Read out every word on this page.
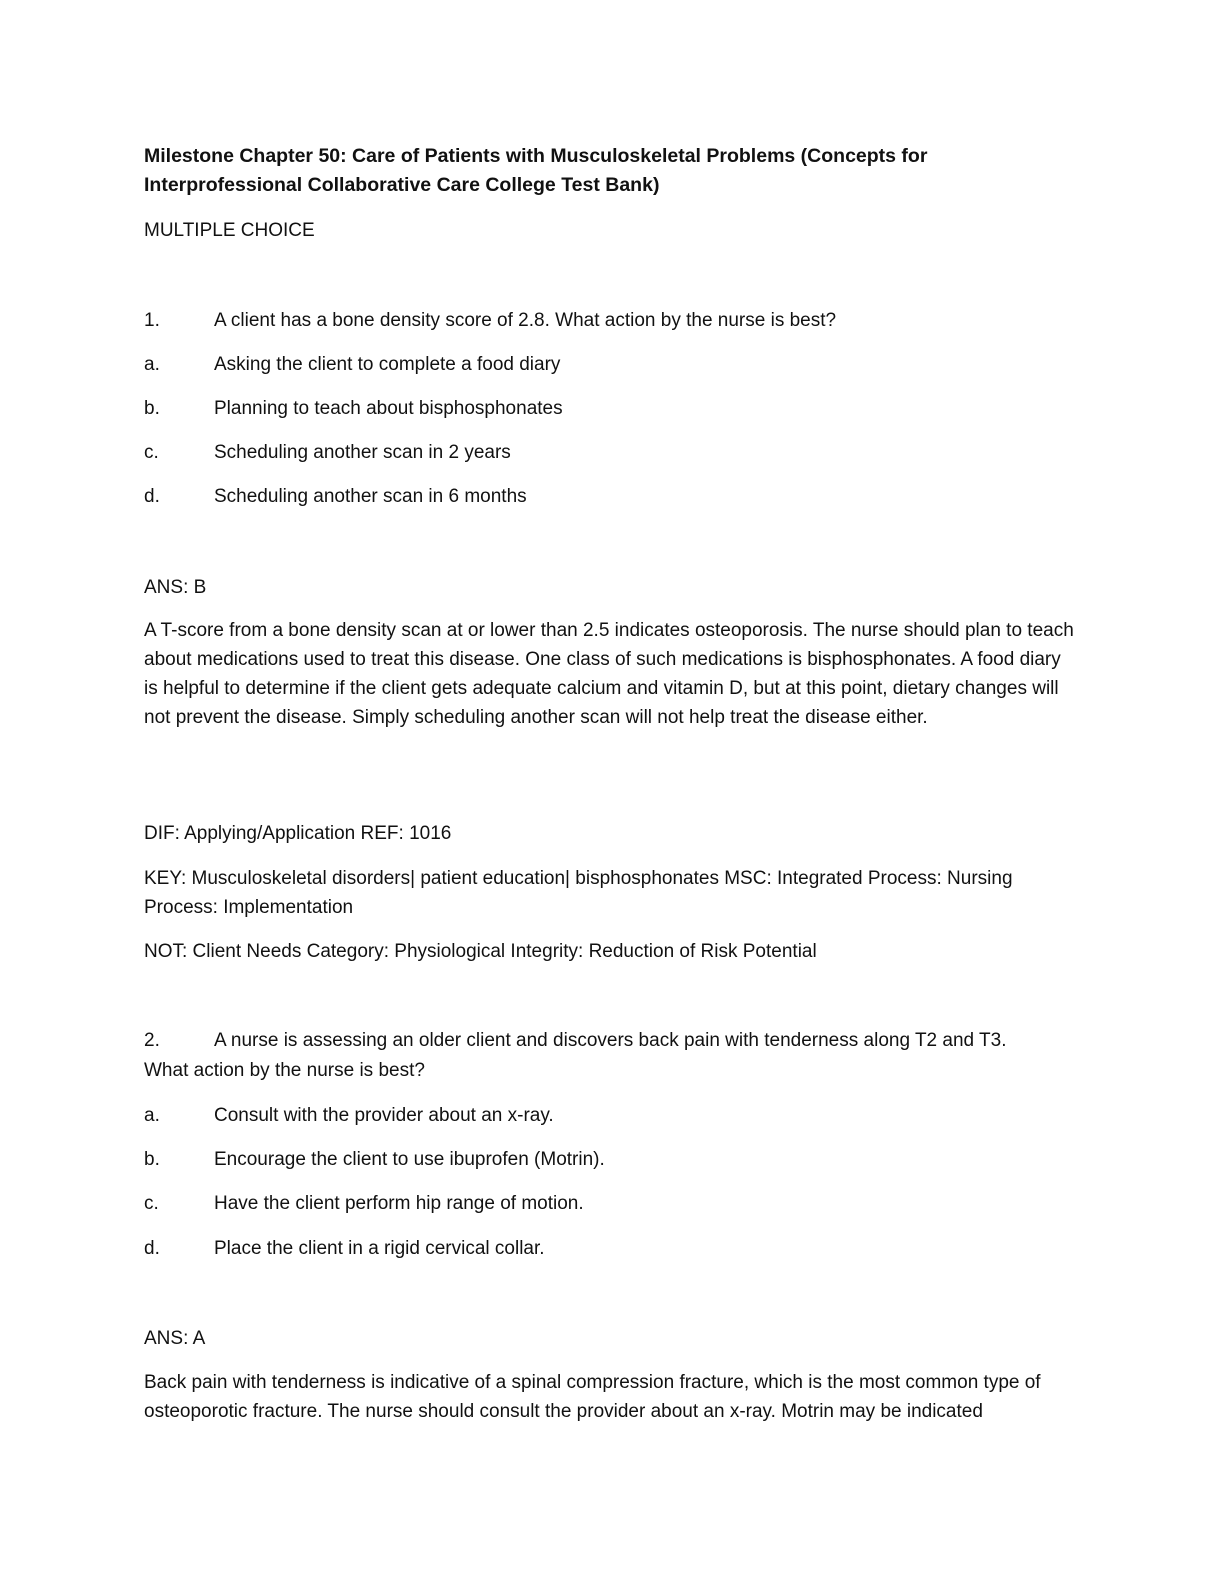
Milestone Chapter 50: Care of Patients with Musculoskeletal Problems (Concepts for Interprofessional Collaborative Care College Test Bank)
MULTIPLE CHOICE
1.	A client has a bone density score of 2.8. What action by the nurse is best?
a.	Asking the client to complete a food diary
b.	Planning to teach about bisphosphonates
c.	Scheduling another scan in 2 years
d.	Scheduling another scan in 6 months
ANS: B
A T-score from a bone density scan at or lower than 2.5 indicates osteoporosis. The nurse should plan to teach about medications used to treat this disease. One class of such medications is bisphosphonates. A food diary is helpful to determine if the client gets adequate calcium and vitamin D, but at this point, dietary changes will not prevent the disease. Simply scheduling another scan will not help treat the disease either.
DIF: Applying/Application REF: 1016
KEY: Musculoskeletal disorders| patient education| bisphosphonates MSC: Integrated Process: Nursing Process: Implementation
NOT: Client Needs Category: Physiological Integrity: Reduction of Risk Potential
2.	A nurse is assessing an older client and discovers back pain with tenderness along T2 and T3.
What action by the nurse is best?
a.	Consult with the provider about an x-ray.
b.	Encourage the client to use ibuprofen (Motrin).
c.	Have the client perform hip range of motion.
d.	Place the client in a rigid cervical collar.
ANS: A
Back pain with tenderness is indicative of a spinal compression fracture, which is the most common type of osteoporotic fracture. The nurse should consult the provider about an x-ray. Motrin may be indicated
